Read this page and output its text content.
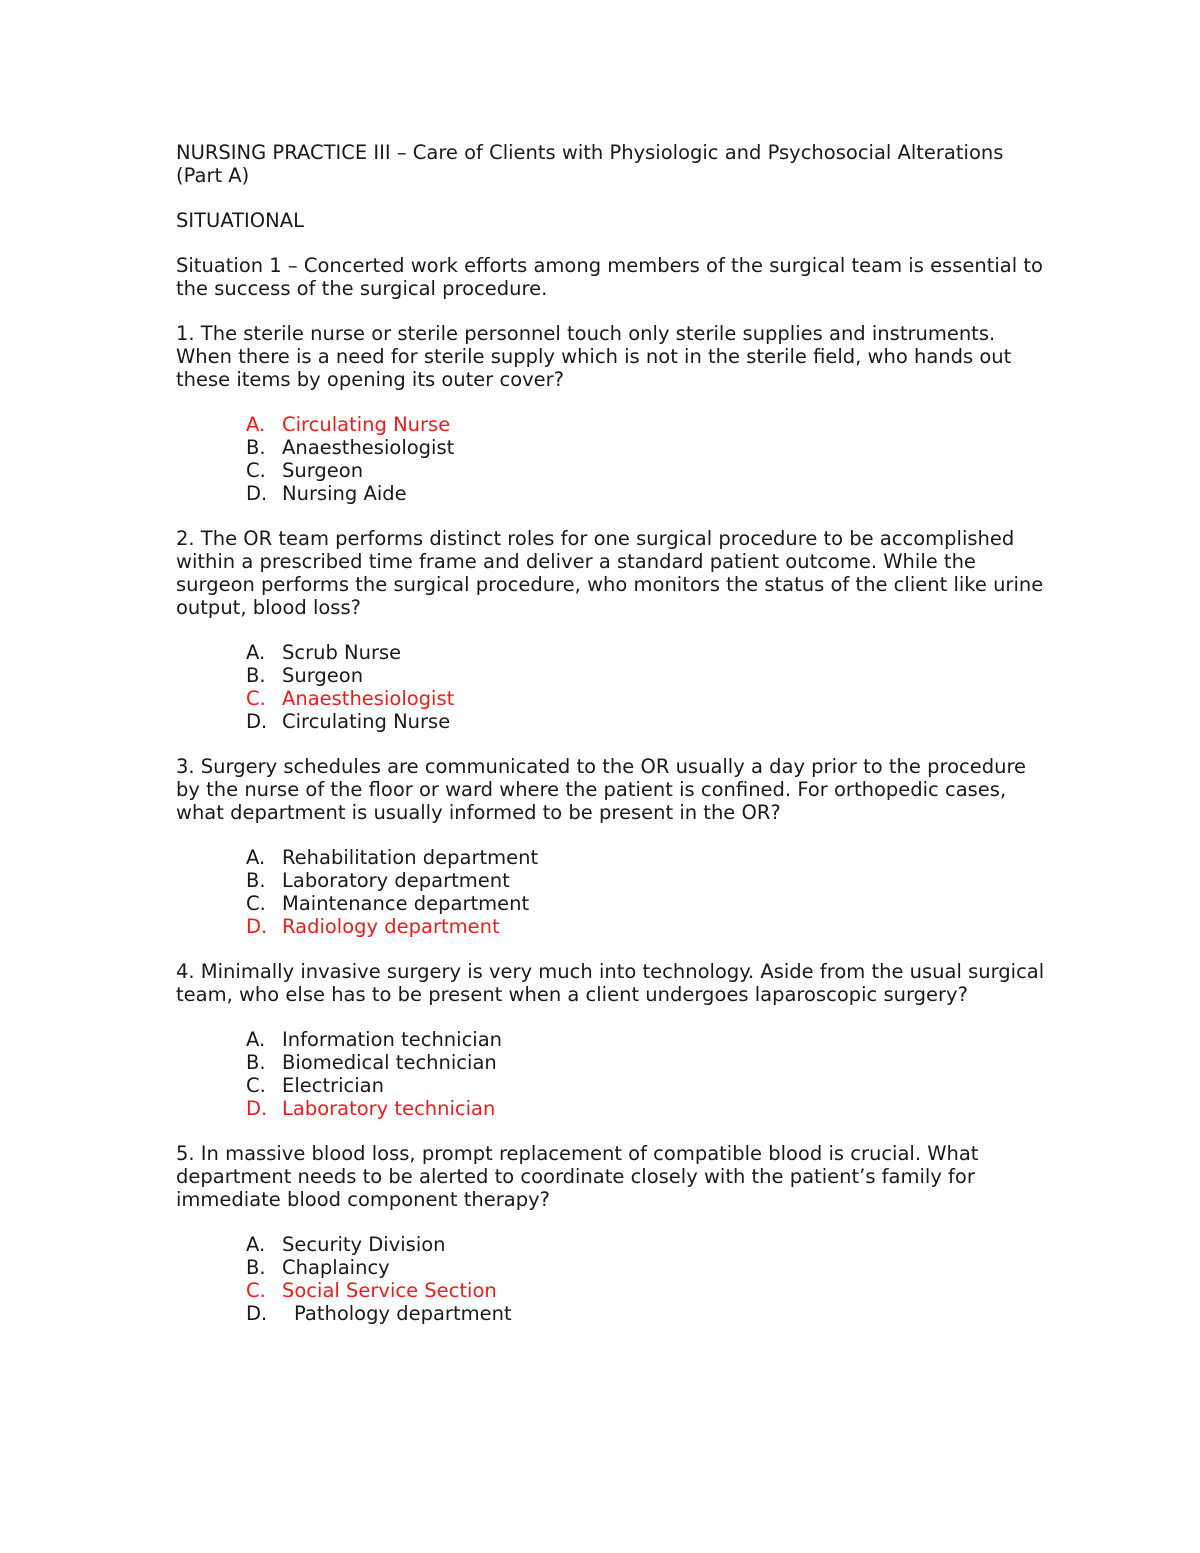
NURSING PRACTICE III – Care of Clients with Physiologic and Psychosocial Alterations (Part A)

SITUATIONAL

Situation 1 – Concerted work efforts among members of the surgical team is essential to the success of the surgical procedure.

1. The sterile nurse or sterile personnel touch only sterile supplies and instruments. When there is a need for sterile supply which is not in the sterile field, who hands out these items by opening its outer cover?

A. Circulating Nurse
B. Anaesthesiologist
C. Surgeon
D. Nursing Aide

2. The OR team performs distinct roles for one surgical procedure to be accomplished within a prescribed time frame and deliver a standard patient outcome. While the surgeon performs the surgical procedure, who monitors the status of the client like urine output, blood loss?

A. Scrub Nurse
B. Surgeon
C. Anaesthesiologist
D. Circulating Nurse

3. Surgery schedules are communicated to the OR usually a day prior to the procedure by the nurse of the floor or ward where the patient is confined. For orthopedic cases, what department is usually informed to be present in the OR?

A. Rehabilitation department
B. Laboratory department
C. Maintenance department
D. Radiology department

4. Minimally invasive surgery is very much into technology. Aside from the usual surgical team, who else has to be present when a client undergoes laparoscopic surgery?

A. Information technician
B. Biomedical technician
C. Electrician
D. Laboratory technician

5. In massive blood loss, prompt replacement of compatible blood is crucial. What department needs to be alerted to coordinate closely with the patient’s family for immediate blood component therapy?

A. Security Division
B. Chaplaincy
C. Social Service Section
D. Pathology department
